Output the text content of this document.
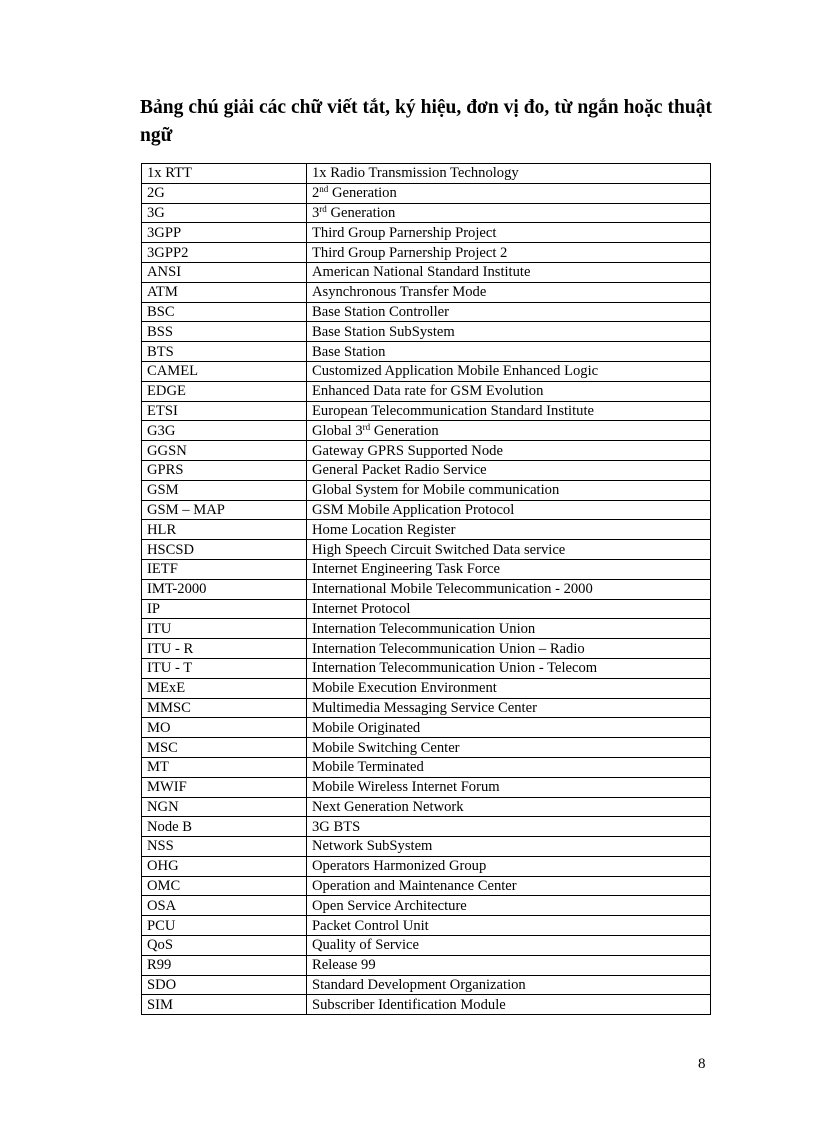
Bảng chú giải các chữ viết tắt, ký hiệu, đơn vị đo, từ ngắn hoặc thuật ngữ
1x RTT	1x Radio Transmission Technology
2G	2nd Generation
3G	3rd Generation
3GPP	Third Group Parnership Project
3GPP2	Third Group Parnership Project 2
ANSI	American National Standard Institute
ATM	Asynchronous Transfer Mode
BSC	Base Station Controller
BSS	Base Station SubSystem
BTS	Base Station
CAMEL	Customized Application Mobile Enhanced Logic
EDGE	Enhanced Data rate for GSM Evolution
ETSI	European Telecommunication Standard Institute
G3G	Global 3rd Generation
GGSN	Gateway GPRS Supported Node
GPRS	General Packet Radio Service
GSM	Global System for Mobile communication
GSM – MAP	GSM Mobile Application Protocol
HLR	Home Location Register
HSCSD	High Speech Circuit Switched Data service
IETF	Internet Engineering Task Force
IMT-2000	International Mobile Telecommunication - 2000
IP	Internet Protocol
ITU	Internation Telecommunication Union
ITU - R	Internation Telecommunication Union – Radio
ITU - T	Internation Telecommunication Union - Telecom
MExE	Mobile Execution Environment
MMSC	Multimedia Messaging Service Center
MO	Mobile Originated
MSC	Mobile Switching Center
MT	Mobile Terminated
MWIF	Mobile Wireless Internet Forum
NGN	Next Generation Network
Node B	3G BTS
NSS	Network SubSystem
OHG	Operators Harmonized Group
OMC	Operation and Maintenance Center
OSA	Open Service Architecture
PCU	Packet Control Unit
QoS	Quality of Service
R99	Release 99
SDO	Standard Development Organization
SIM	Subscriber Identification Module
8
